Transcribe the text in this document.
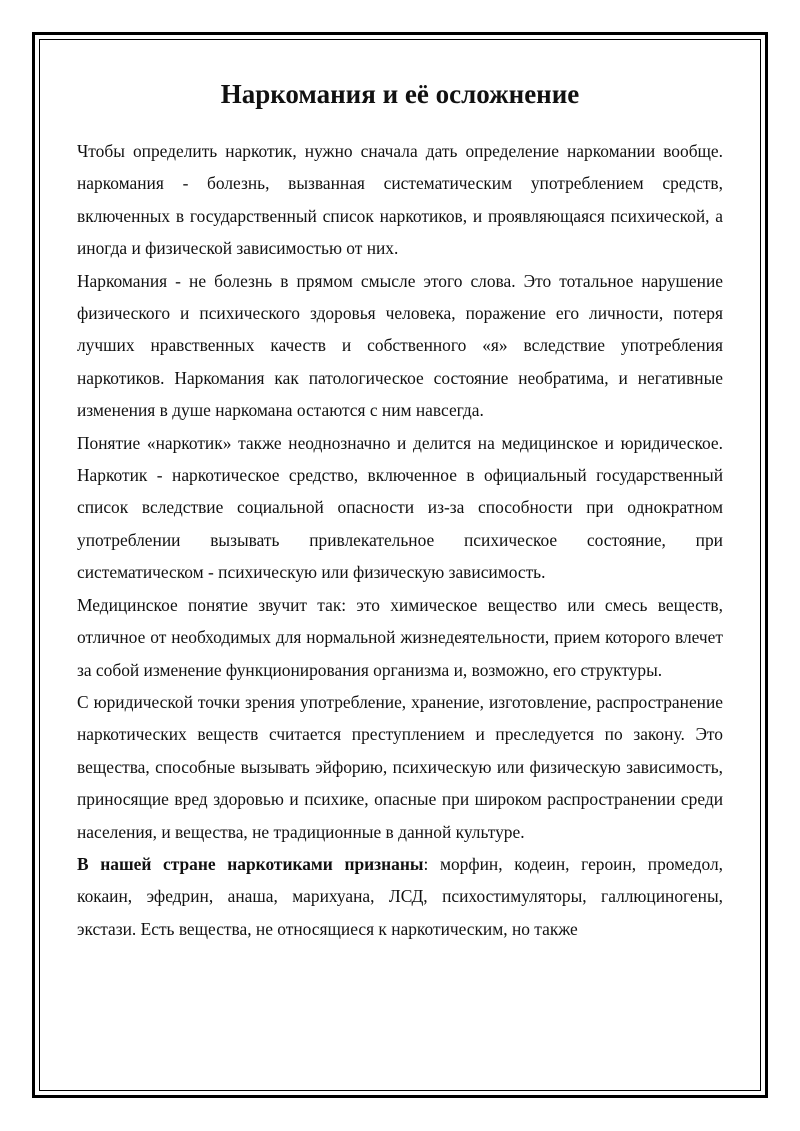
Наркомания и её осложнение

Чтобы определить наркотик, нужно сначала дать определение наркомании вообще. наркомания - болезнь, вызванная систематическим употреблением средств, включенных в государственный список наркотиков, и проявляющаяся психической, а иногда и физической зависимостью от них.

Наркомания - не болезнь в прямом смысле этого слова. Это тотальное нарушение физического и психического здоровья человека, поражение его личности, потеря лучших нравственных качеств и собственного «я» вследствие употребления наркотиков. Наркомания как патологическое состояние необратима, и негативные изменения в душе наркомана остаются с ним навсегда.

Понятие «наркотик» также неоднозначно и делится на медицинское и юридическое. Наркотик - наркотическое средство, включенное в официальный государственный список вследствие социальной опасности из-за способности при однократном употреблении вызывать привлекательное психическое состояние, при систематическом - психическую или физическую зависимость.

Медицинское понятие звучит так: это химическое вещество или смесь веществ, отличное от необходимых для нормальной жизнедеятельности, прием которого влечет за собой изменение функционирования организма и, возможно, его структуры.

С юридической точки зрения употребление, хранение, изготовление, распространение наркотических веществ считается преступлением и преследуется по закону. Это вещества, способные вызывать эйфорию, психическую или физическую зависимость, приносящие вред здоровью и психике, опасные при широком распространении среди населения, и вещества, не традиционные в данной культуре.

В нашей стране наркотиками признаны: морфин, кодеин, героин, промедол, кокаин, эфедрин, анаша, марихуана, ЛСД, психостимуляторы, галлюциногены, экстази. Есть вещества, не относящиеся к наркотическим, но также
